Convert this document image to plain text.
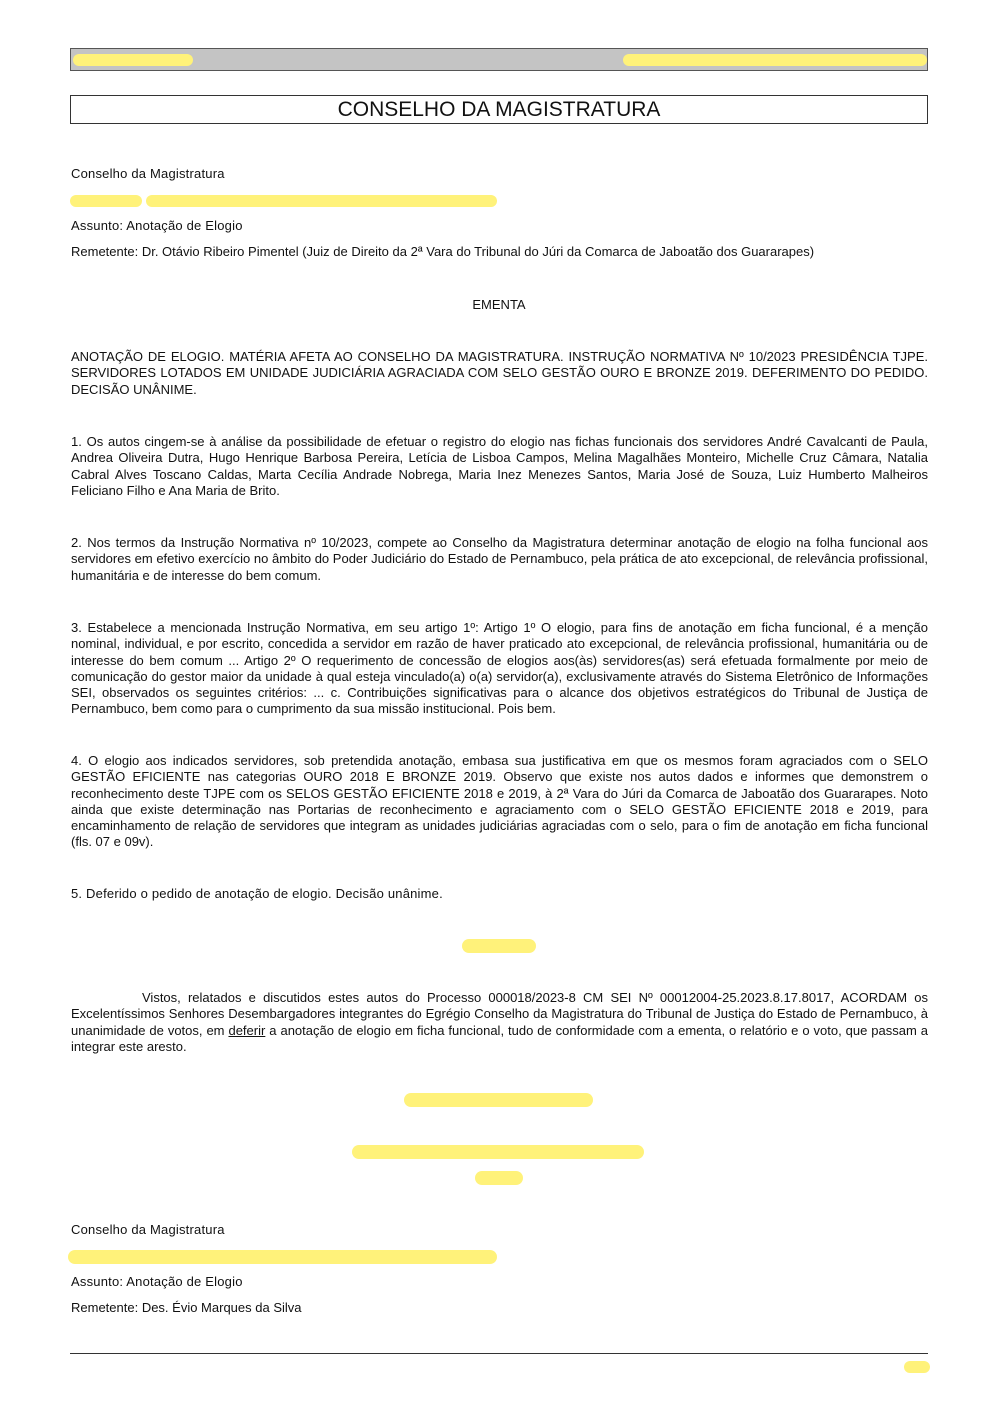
CONSELHO DA MAGISTRATURA
Conselho da Magistratura
Assunto: Anotação de Elogio
Remetente: Dr. Otávio Ribeiro Pimentel (Juiz de Direito da 2ª Vara do Tribunal do Júri da Comarca de Jaboatão dos Guararapes)
EMENTA
ANOTAÇÃO DE ELOGIO. MATÉRIA AFETA AO CONSELHO DA MAGISTRATURA. INSTRUÇÃO NORMATIVA Nº 10/2023 PRESIDÊNCIA TJPE. SERVIDORES LOTADOS EM UNIDADE JUDICIÁRIA AGRACIADA COM SELO GESTÃO OURO E BRONZE 2019. DEFERIMENTO DO PEDIDO. DECISÃO UNÂNIME.
1. Os autos cingem-se à análise da possibilidade de efetuar o registro do elogio nas fichas funcionais dos servidores André Cavalcanti de Paula, Andrea Oliveira Dutra, Hugo Henrique Barbosa Pereira, Letícia de Lisboa Campos, Melina Magalhães Monteiro, Michelle Cruz Câmara, Natalia Cabral Alves Toscano Caldas, Marta Cecília Andrade Nobrega, Maria Inez Menezes Santos, Maria José de Souza, Luiz Humberto Malheiros Feliciano Filho e Ana Maria de Brito.
2. Nos termos da Instrução Normativa nº 10/2023, compete ao Conselho da Magistratura determinar anotação de elogio na folha funcional aos servidores em efetivo exercício no âmbito do Poder Judiciário do Estado de Pernambuco, pela prática de ato excepcional, de relevância profissional, humanitária e de interesse do bem comum.
3. Estabelece a mencionada Instrução Normativa, em seu artigo 1º: Artigo 1º O elogio, para fins de anotação em ficha funcional, é a menção nominal, individual, e por escrito, concedida a servidor em razão de haver praticado ato excepcional, de relevância profissional, humanitária ou de interesse do bem comum ... Artigo 2º O requerimento de concessão de elogios aos(às) servidores(as) será efetuada formalmente por meio de comunicação do gestor maior da unidade à qual esteja vinculado(a) o(a) servidor(a), exclusivamente através do Sistema Eletrônico de Informações SEI, observados os seguintes critérios: ... c. Contribuições significativas para o alcance dos objetivos estratégicos do Tribunal de Justiça de Pernambuco, bem como para o cumprimento da sua missão institucional. Pois bem.
4. O elogio aos indicados servidores, sob pretendida anotação, embasa sua justificativa em que os mesmos foram agraciados com o SELO GESTÃO EFICIENTE nas categorias OURO 2018 E BRONZE 2019. Observo que existe nos autos dados e informes que demonstrem o reconhecimento deste TJPE com os SELOS GESTÃO EFICIENTE 2018 e 2019, à 2ª Vara do Júri da Comarca de Jaboatão dos Guararapes. Noto ainda que existe determinação nas Portarias de reconhecimento e agraciamento com o SELO GESTÃO EFICIENTE 2018 e 2019, para encaminhamento de relação de servidores que integram as unidades judiciárias agraciadas com o selo, para o fim de anotação em ficha funcional (fls. 07 e 09v).
5. Deferido o pedido de anotação de elogio. Decisão unânime.
Vistos, relatados e discutidos estes autos do Processo 000018/2023-8 CM SEI Nº 00012004-25.2023.8.17.8017, ACORDAM os Excelentíssimos Senhores Desembargadores integrantes do Egrégio Conselho da Magistratura do Tribunal de Justiça do Estado de Pernambuco, à unanimidade de votos, em deferir a anotação de elogio em ficha funcional, tudo de conformidade com a ementa, o relatório e o voto, que passam a integrar este aresto.
Conselho da Magistratura
Assunto: Anotação de Elogio
Remetente: Des. Évio Marques da Silva
